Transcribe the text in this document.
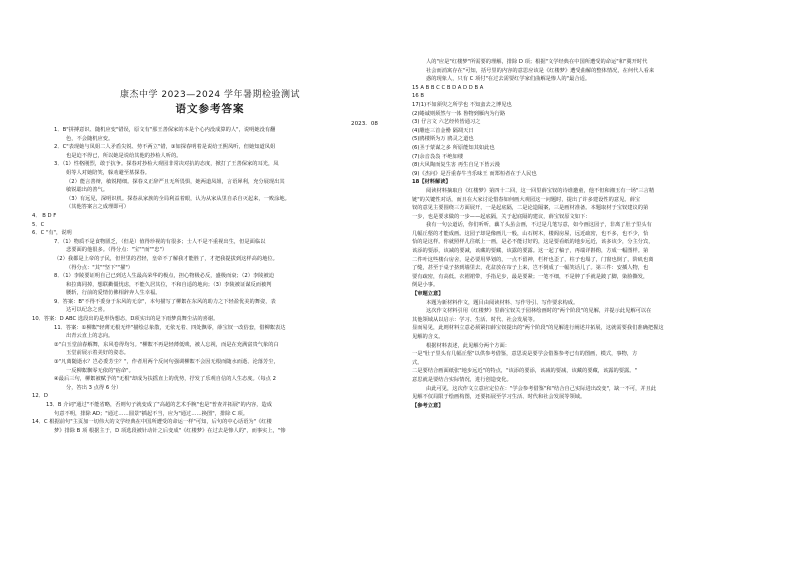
康杰中学 2023—2024 学年暑期检验测试
语文参考答案
2023．08
1．B"拼搏意识、随机应变"错误，原文有"那王善保家的本是个心内没成算的人"，说明她没有翻
色，不会随机应变。
2．C"表现她与凤姐二人矛盾尖锐、势不两立"错，③如探春明着是说给王熙凤听，但她知道凤姐
也是迫不得已，所以她是说给其他的抄检人听的。
3．（1）性格刚烈，敢于抗争。探春对抄检大观园非常决对抗的态度，掀打了王善保家的耳光，凤
姐等人对她陪笑，躲劝避至墓探春。
（2）能言善辩，敏锐精细。探春义正辞严且无所畏惧，她两道凤姐，言语犀利，充分展现出其
敏锐聪出的善气。
（3）有远见，深明识机。探春从家族的全局利益着眼，认为从家从里自杀自灭起来，一败涂地。
（其他答案言之成理即可）
4． B D F
5．C
6．C "有"，说明
7．（1）物质不是食物匮乏，（但是）值得珍视的有很多；士人不是不重视出生，但是面临以
悲要面的他很多。（得分点："宝""而""忠"）
（2）我都是上帝的子民，但世里的君轻，皇帝不了解我才能胜了，才把我提拔到这样高的地位。
（得分点："其""坚下""擢"）
8．（1）李陵要证明自己已到达人生最高荣华的极点，担心物极必反，盛极而衰；（2）李陵被迫
和拉离同掉，想联衢僵忧虑，不能久居其位，不和自适的地向；（3）李陵被证谋反而被判
腰斩，行前的爱情仿佛相辞奔人生幸福。
9．答案：B"不得不委身于东风的无奈"，本句描写了柳絮在东风的助力之下轻盈优美的舞姿，表
达可以纪念之喜。
10．答案：D ABC 选段出的是形伪想态，D项实出的是下雨梦真舞尘沾的喜谢。
11．答案：①柳絮"轻薄无根无绊"描绘总象散，无依无着、四处飘零，薛宝钗一改俗套，借柳絮表达
出青云直上的志向。
②"白玉堂前春解舞，东风卷得均匀。"柳絮不再是轻薄低贱，被人忘视，而是在充满富贵气象的白
玉堂前展示着美好的姿态。
③"凡离随逝水？岂必委芳尘？"，作者用两个反问句强调柳絮不会因无根而随水而逝、沦落芳尘，
一反柳絮飘零无依的"宿命"。
④最后三句，柳絮被赋予的"无根"却成为扶摇直上的优势，抒发了乐观自信的人生态度。（每点 2
分，答出 3 点得 6 分）
12．D
13．B 介词"通过"不能省略，否则句子就变成了"高超的艺术手腕"也是"普查并拓展"的内容，造成
句意不明，排除 AD；"通过……圆景"插起不当，应为"通过……换图"，排除 C 项。
14．C 根据前句"主页加一切伟大的文学经典在中国所遭受的命运一样"可知，后句的中心话语为"《红楼
梦》排除 B 项 根据主于，D 项选段被针动针之后变成"《红楼梦》在过去是惨人的"，而事实上，"惨
人的"应是"红楼梦"所需要的理解，排除 D 项；根据"文学经典在中国所遭受的命运"和"冀开时代
社会而消寓存在"可知，括号里的内容的意思应该是《红楼梦》遭受曲解的整体情况，在何代人看来
惑的现象人，只有 C 项付"在过去需要红学家们曲解是惨人的"最合适。
15 A B B C C B D A D D B A
16 B
17(1)不如须臾之所学也 不知蛮去之博见也
(2)蜷诚则须然与一体 鲁物到雁内为行路
(3) 仔言文 六艺经传皆通习之
(4)雕连三首金罍 隔凋天日
(5)鸥楼斯为万 鸥灵之道也
(6)圣于蒙谋之多 所原能知其如此也
(7)余音袅袅 不绝如缕
(8)大风陶而复生害 再生自足下皆云漫
(9)《杰问》是吾重春牛当乐味王 而郑桓者在于人民也
18【材料解读】
阅读材料摘取自《红楼梦》第四十二回，这一回里薛宝钗的诗谁邀童，他不但和湘玉有一场"三言精
链"的关键性对话，而且在大家讨论惜春如何画大观园这一问题时，提出了许多建设性的意见。薛宝
钗的意见主要围绕三方面展开，一是起底隔，二是论造隔案，三是画材准备。本题取材于宝钗建议的第
一步，也是要求做的一步——起底隔，关于起底隔的建议，薛宝钗原文如下：
我有一句公道话，你们听听，藕丫头虽会画，不过是几笔写意，如今画这园子，非离了肚子里头有
几幅丘壑的才能成画。这园子却是像画儿一般，山石树木，楼阁房屋，远近疏密，也不多，也不少，恰
恰的是这样。你就照样儿往纸上一画，是必不能讨好的，这是要看纸的地步远近，该多该少，分主分宾，
该添的要添，该减的要减，该藏的要藏，该露的要露。这一起了稿子，再端详斟酌，方成一幅图样。第
二件叶这些楼台房舍，是必要用界划的，一点不留神，栏杆也歪了，柱子也塌了，门窗也倒了，阶矶也离
了缝，甚至于桌子挤到墙里去，花盆放在帘子上来，岂不倒成了一幅笑话儿了。第三件：安插人物，也
要有疏密，有高低。衣褶裙带，手指足步，最是要紧；一笔不细，不是肿了手就是跛了脚，染脸撕发，
倒是小事。
【审题立意】
本题为新材料作文，题目由阅读材料、写作导引、写作要求构成。
这次作文材料引用《红楼梦》里薛宝钗关于园林绘画时的"两个阶段"的见解，并提示此见解可以在
其他领域从以启示：学习、生活、时代、社会发展等。
显而易见，此则材料立意必须紧扣薛宝钗提出的"两个阶段"的见解进行阐述并拓展，这就需要我们准确把握这
见解的含义。
根据材料表述，此见解分两个方面：
一是"肚子里头有几幅丘壑"以供参考借鉴，意思说是要学会借鉴参考已有的图画，模式，事物，方
式。
二是要结合画面纸张"地步远近"的特点，"该添的要添，该减的要减，该藏的要藏，该露的要露。"
意思就是要结合实际情况，进行创造变化。
由此可见，这次作文立意应定位在："学会参考借鉴"和"结合自己实际进出改变"，缺一不可，并且此
见解不仅局限于绘画构图，还要拓展至学习生活、时代和社会发展等领域。
【参考立意】
